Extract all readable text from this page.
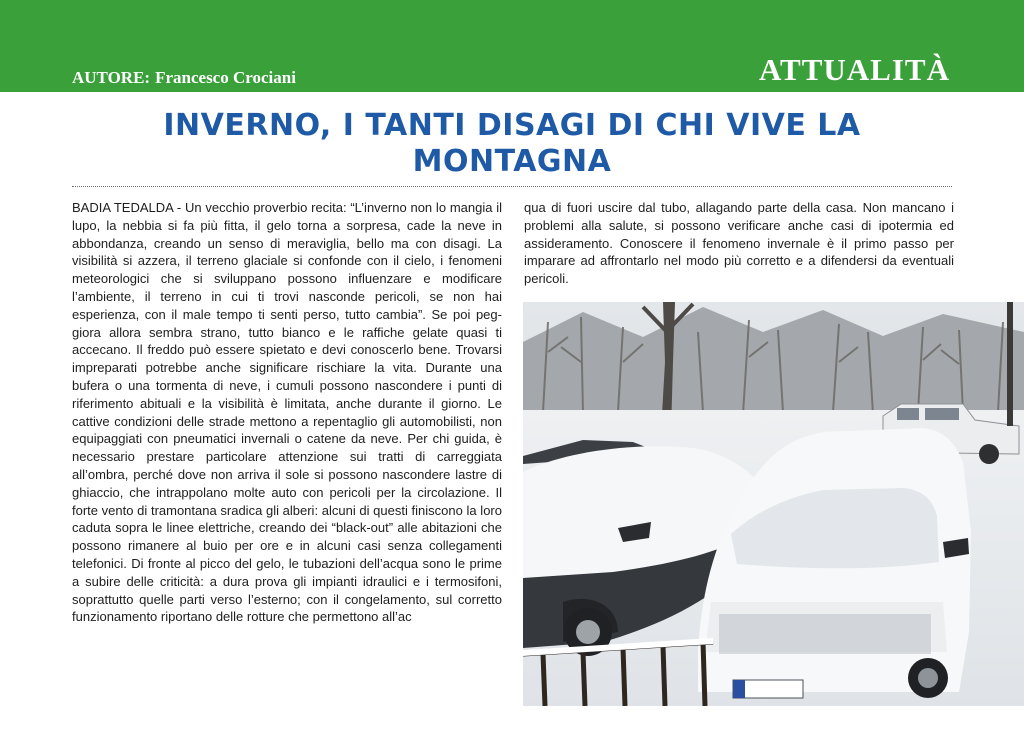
AUTORE: Francesco Crociani	ATTUALITÀ
INVERNO, I TANTI DISAGI DI CHI VIVE LA
MONTAGNA
BADIA TEDALDA - Un vecchio proverbio recita: “L’inverno non lo mangia il lupo, la nebbia si fa più fitta, il gelo torna a sorpresa, cade la neve in abbondanza, creando un senso di meraviglia, bello ma con disagi. La visibilità si azzera, il terreno glaciale si confonde con il cielo, i fenomeni meteorologici che si sviluppano possono influenzare e modificare l’ambiente, il terreno in cui ti trovi nasconde pericoli, se non hai esperienza, con il male tempo ti senti perso, tutto cambia”. Se poi peggiora allora sembra strano, tutto bianco e le raffiche gelate quasi ti accecano. Il freddo può essere spietato e devi conoscerlo bene. Trovarsi impreparati potrebbe anche significare rischiare la vita. Durante una bufera o una tormenta di neve, i cumuli possono nascondere i punti di riferimento abituali e la visibilità è limitata, anche durante il giorno. Le cattive condizioni delle strade mettono a repentaglio gli automobilisti, non equipaggiati con pneumatici invernali o catene da neve. Per chi guida, è necessario prestare particolare attenzione sui tratti di carreggiata all’ombra, perché dove non arriva il sole si possono nascondere lastre di ghiaccio, che intrappolano molte auto con pericoli per la circolazione. Il forte vento di tramontana sradica gli alberi: alcuni di questi finiscono la loro caduta sopra le linee elettriche, creando dei “black-out” alle abitazioni che possono rimanere al buio per ore e in alcuni casi senza collegamenti telefonici. Di fronte al picco del gelo, le tubazioni dell’acqua sono le prime a subire delle criticità: a dura prova gli impianti idraulici e i termosifoni, soprattutto quelle parti verso l’esterno; con il congelamento, sul corretto funzionamento riportano delle rotture che permettono all’ac
qua di fuori uscire dal tubo, allagando parte della casa. Non mancano i problemi alla salute, si possono verificare anche casi di ipotermia ed assideramento. Conoscere il fenomeno invernale è il primo passo per imparare ad affrontarlo nel modo più corretto e a difendersi da eventuali pericoli.
